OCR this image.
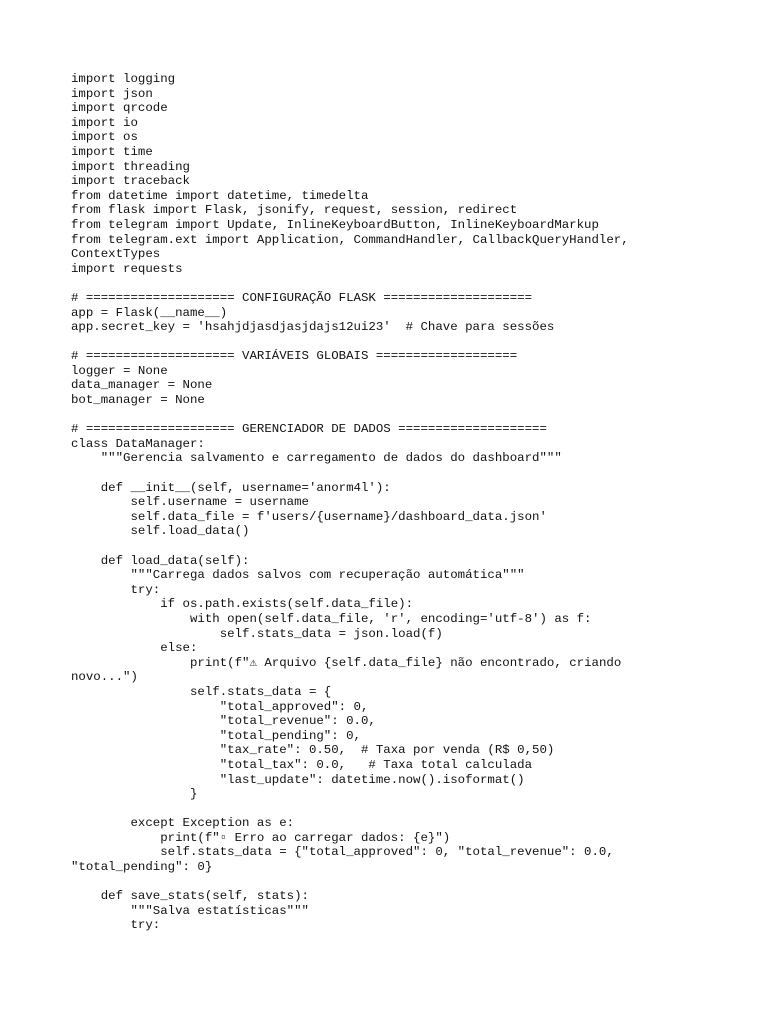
import logging
import json
import qrcode
import io
import os
import time
import threading
import traceback
from datetime import datetime, timedelta
from flask import Flask, jsonify, request, session, redirect
from telegram import Update, InlineKeyboardButton, InlineKeyboardMarkup
from telegram.ext import Application, CommandHandler, CallbackQueryHandler,
ContextTypes
import requests
# ==================== CONFIGURAÇÃO FLASK ====================
app = Flask(__name__)
app.secret_key = 'hsahjdjasdjasjdajs12ui23'  # Chave para sessões
# ==================== VARIÁVEIS GLOBAIS ===================
logger = None
data_manager = None
bot_manager = None
# ==================== GERENCIADOR DE DADOS ====================
class DataManager:
"""Gerencia salvamento e carregamento de dados do dashboard"""
def __init__(self, username='anorm4l'):
self.username = username
self.data_file = f'users/{username}/dashboard_data.json'
self.load_data()
def load_data(self):
"""Carrega dados salvos com recuperação automática"""
try:
if os.path.exists(self.data_file):
with open(self.data_file, 'r', encoding='utf-8') as f:
self.stats_data = json.load(f)
else:
print(f"⚠ Arquivo {self.data_file} não encontrado, criando
novo...")
self.stats_data = {
"total_approved": 0,
"total_revenue": 0.0,
"total_pending": 0,
"tax_rate": 0.50,  # Taxa por venda (R$ 0,50)
"total_tax": 0.0,   # Taxa total calculada
"last_update": datetime.now().isoformat()
}
except Exception as e:
print(f"▫ Erro ao carregar dados: {e}")
self.stats_data = {"total_approved": 0, "total_revenue": 0.0,
"total_pending": 0}
def save_stats(self, stats):
"""Salva estatísticas"""
try:
